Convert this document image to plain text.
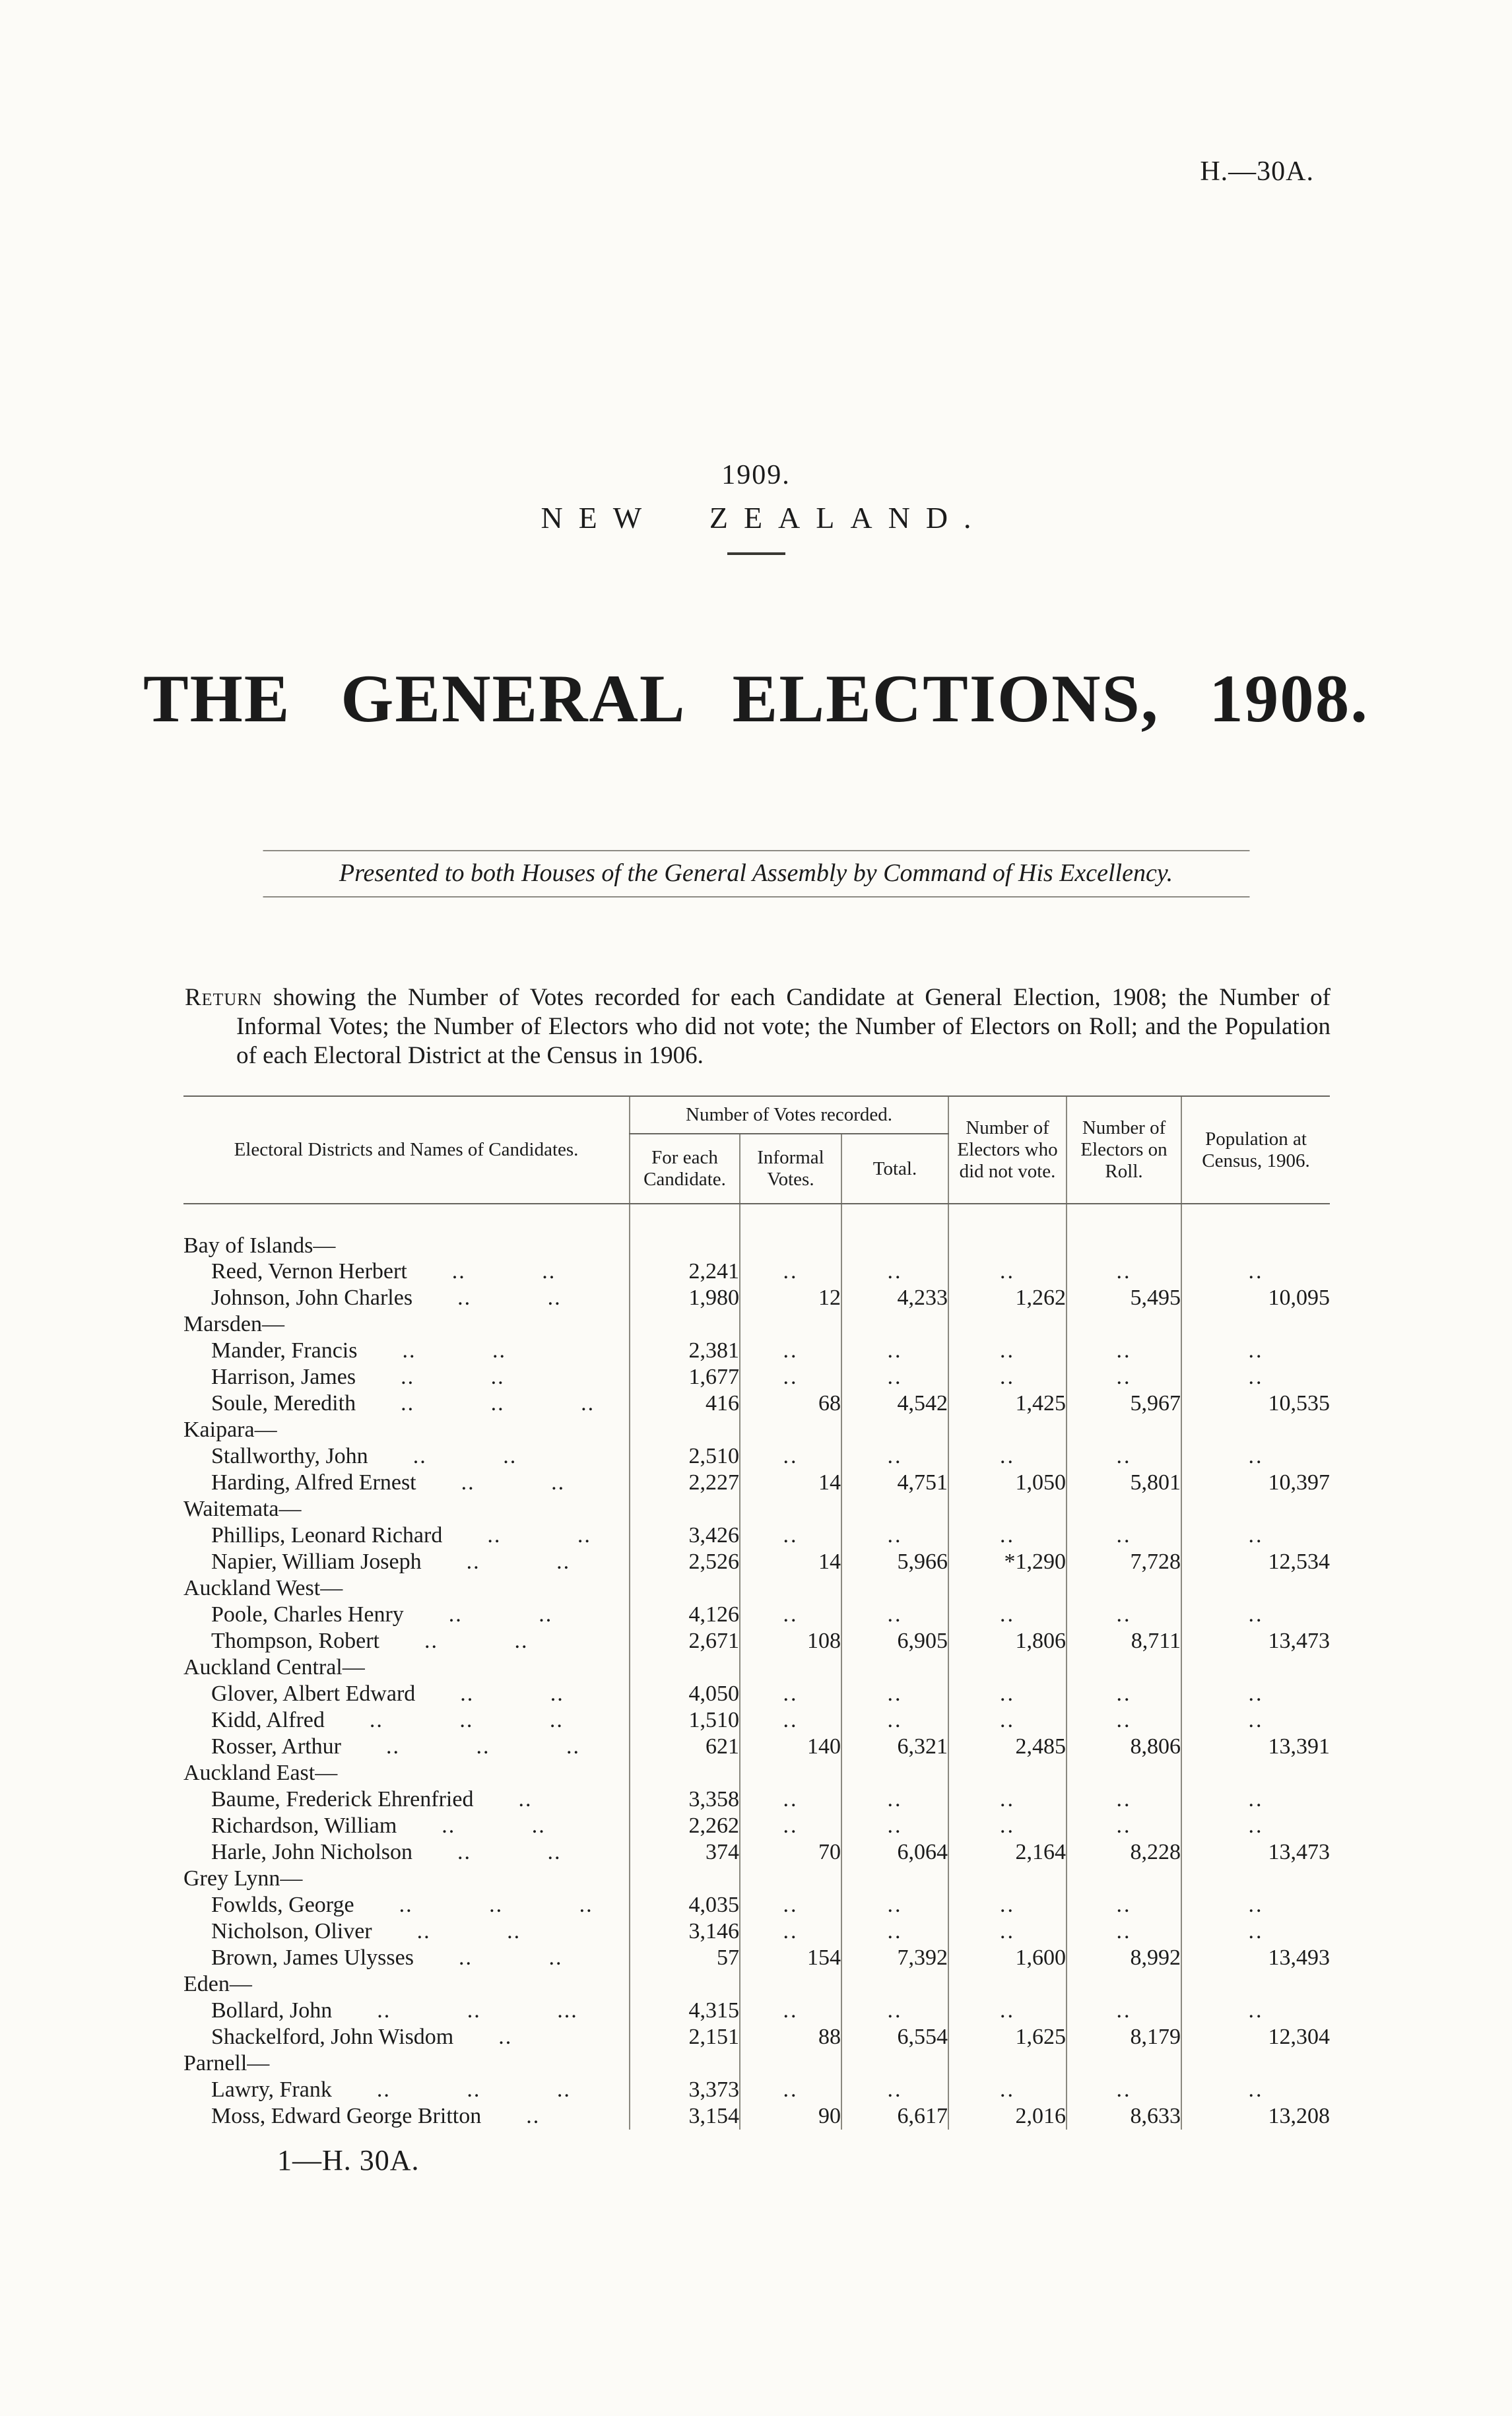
H.—30A.
1909.
NEW ZEALAND.
THE GENERAL ELECTIONS, 1908.
Presented to both Houses of the General Assembly by Command of His Excellency.
Return showing the Number of Votes recorded for each Candidate at General Election, 1908; the Number of Informal Votes; the Number of Electors who did not vote; the Number of Electors on Roll; and the Population of each Electoral District at the Census in 1906.
Electoral Districts and Names of Candidates.	Number of Votes recorded.			Number of Electors who did not vote.	Number of Electors on Roll.	Population at Census, 1906.
	For each Candidate.	Informal Votes.	Total.			
Bay of Islands—						
Reed, Vernon Herbert .. ..	2,241	..	..	..	..	..
Johnson, John Charles .. ..	1,980	12	4,233	1,262	5,495	10,095
Marsden—						
Mander, Francis .. ..	2,381	..	..	..	..	..
Harrison, James .. ..	1,677	..	..	..	..	..
Soule, Meredith .. .. ..	416	68	4,542	1,425	5,967	10,535
Kaipara—						
Stallworthy, John .. ..	2,510	..	..	..	..	..
Harding, Alfred Ernest .. ..	2,227	14	4,751	1,050	5,801	10,397
Waitemata—						
Phillips, Leonard Richard .. ..	3,426	..	..	..	..	..
Napier, William Joseph .. ..	2,526	14	5,966	*1,290	7,728	12,534
Auckland West—						
Poole, Charles Henry .. ..	4,126	..	..	..	..	..
Thompson, Robert .. ..	2,671	108	6,905	1,806	8,711	13,473
Auckland Central—						
Glover, Albert Edward .. ..	4,050	..	..	..	..	..
Kidd, Alfred .. .. ..	1,510	..	..	..	..	..
Rosser, Arthur .. .. ..	621	140	6,321	2,485	8,806	13,391
Auckland East—						
Baume, Frederick Ehrenfried ..	3,358	..	..	..	..	..
Richardson, William .. ..	2,262	..	..	..	..	..
Harle, John Nicholson .. ..	374	70	6,064	2,164	8,228	13,473
Grey Lynn—						
Fowlds, George .. .. ..	4,035	..	..	..	..	..
Nicholson, Oliver .. ..	3,146	..	..	..	..	..
Brown, James Ulysses .. ..	57	154	7,392	1,600	8,992	13,493
Eden—						
Bollard, John .. .. ...	4,315	..	..	..	..	..
Shackelford, John Wisdom ..	2,151	88	6,554	1,625	8,179	12,304
Parnell—						
Lawry, Frank .. .. ..	3,373	..	..	..	..	..
Moss, Edward George Britton ..	3,154	90	6,617	2,016	8,633	13,208
1—H. 30A.
